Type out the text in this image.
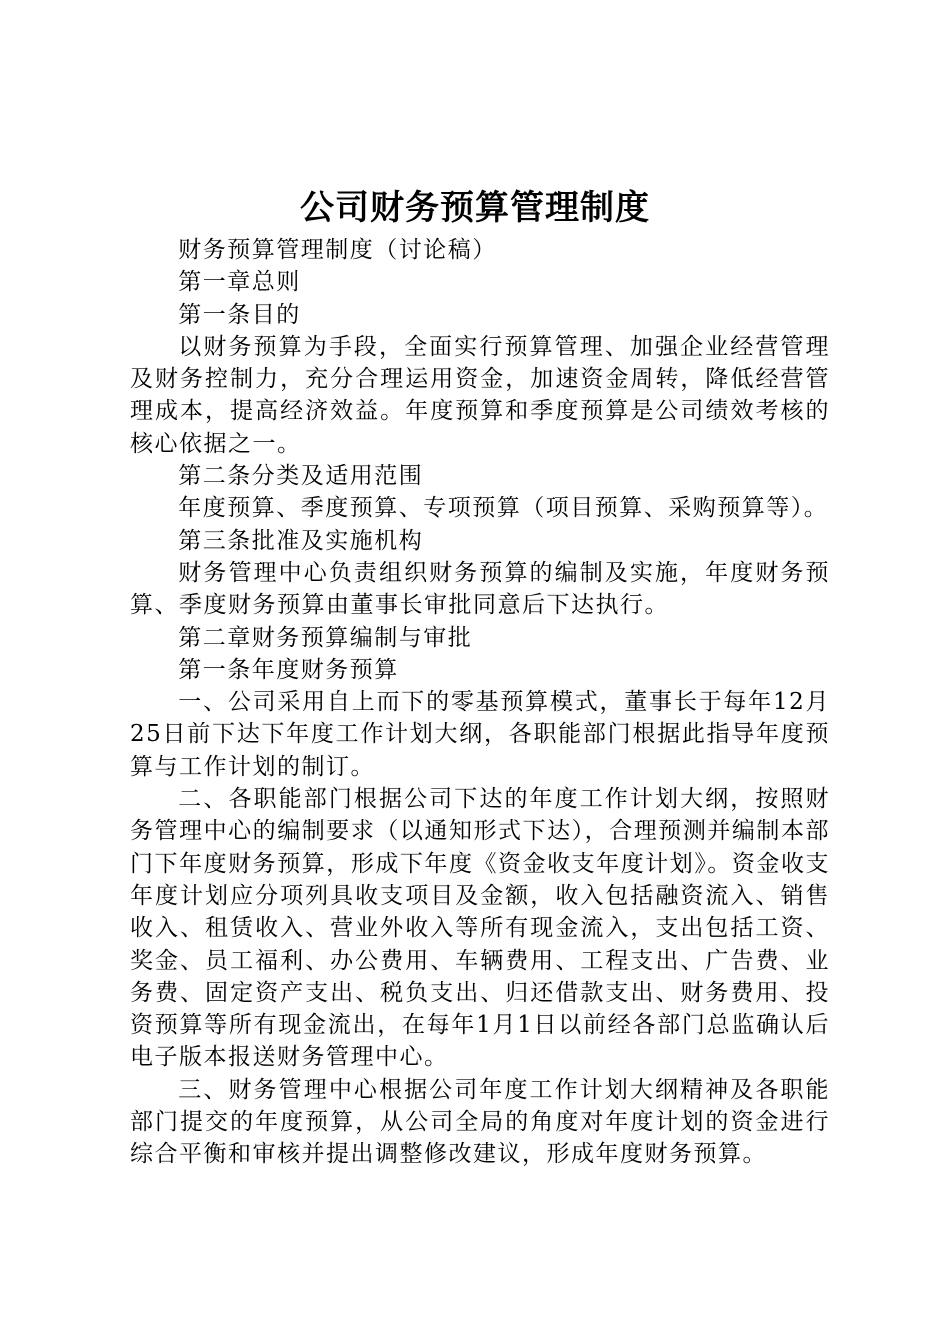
公司财务预算管理制度

财务预算管理制度（讨论稿）

第一章总则

第一条目的

以财务预算为手段，全面实行预算管理、加强企业经营管理及财务控制力，充分合理运用资金，加速资金周转，降低经营管理成本，提高经济效益。年度预算和季度预算是公司绩效考核的核心依据之一。

第二条分类及适用范围

年度预算、季度预算、专项预算（项目预算、采购预算等）。

第三条批准及实施机构

财务管理中心负责组织财务预算的编制及实施，年度财务预算、季度财务预算由董事长审批同意后下达执行。

第二章财务预算编制与审批

第一条年度财务预算

一、公司采用自上而下的零基预算模式，董事长于每年12月25日前下达下年度工作计划大纲，各职能部门根据此指导年度预算与工作计划的制订。

二、各职能部门根据公司下达的年度工作计划大纲，按照财务管理中心的编制要求（以通知形式下达），合理预测并编制本部门下年度财务预算，形成下年度《资金收支年度计划》。资金收支年度计划应分项列具收支项目及金额，收入包括融资流入、销售收入、租赁收入、营业外收入等所有现金流入，支出包括工资、奖金、员工福利、办公费用、车辆费用、工程支出、广告费、业务费、固定资产支出、税负支出、归还借款支出、财务费用、投资预算等所有现金流出，在每年1月1日以前经各部门总监确认后电子版本报送财务管理中心。

三、财务管理中心根据公司年度工作计划大纲精神及各职能部门提交的年度预算，从公司全局的角度对年度计划的资金进行综合平衡和审核并提出调整修改建议，形成年度财务预算。
